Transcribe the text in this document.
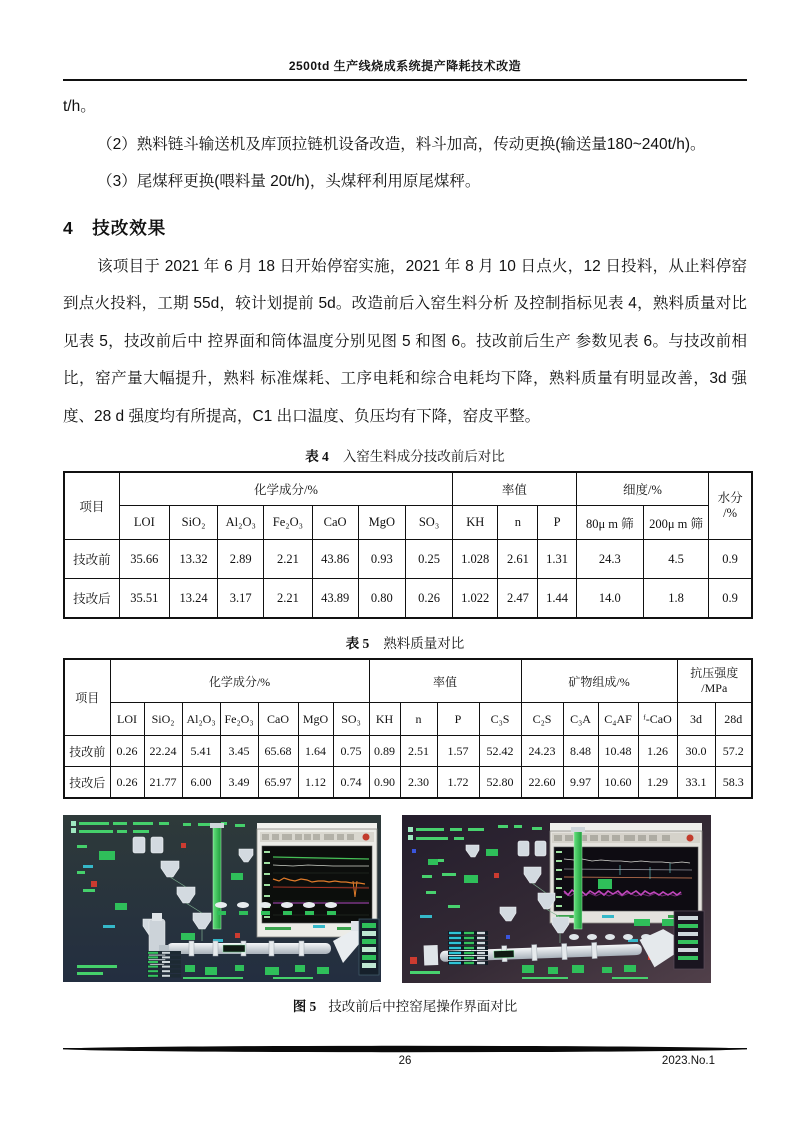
2500td 生产线烧成系统提产降耗技术改造

t/h。

（2）熟料链斗输送机及库顶拉链机设备改造，料斗加高，传动更换(输送量180~240t/h)。

（3）尾煤秤更换(喂料量 20t/h)，头煤秤利用原尾煤秤。

4　技改效果

该项目于 2021 年 6 月 18 日开始停窑实施，2021 年 8 月 10 日点火，12 日投料，从止料停窑到点火投料，工期 55d，较计划提前 5d。改造前后入窑生料分析 及控制指标见表 4，熟料质量对比见表 5，技改前后中 控界面和筒体温度分别见图 5 和图 6。技改前后生产 参数见表 6。与技改前相比，窑产量大幅提升，熟料 标准煤耗、工序电耗和综合电耗均下降，熟料质量有明显改善，3d 强度、28 d 强度均有所提高，C1 出口温度、负压均有下降，窑皮平整。

表 4 入窑生料成分技改前后对比
项目	化学成分/%							率值			细度/%		水分
/%
	LOI	SiO₂	Al₂O₃	Fe₂O₃	CaO	MgO	SO₃	KH	n	P	80μ m 筛	200μ m 筛	
技改前	35.66	13.32	2.89	2.21	43.86	0.93	0.25	1.028	2.61	1.31	24.3	4.5	0.9
技改后	35.51	13.24	3.17	2.21	43.89	0.80	0.26	1.022	2.47	1.44	14.0	1.8	0.9
表 5 熟料质量对比
项目	化学成分/%							率值				矿物组成/%				抗压强度
/MPa	
	LOI	SiO₂	Al₂O₃	Fe₂O₃	CaO	MgO	SO₃	KH	n	P	C₃S	C₂S	C₃A	C₄AF	ᶠ-CaO	3d	28d
技改前	0.26	22.24	5.41	3.45	65.68	1.64	0.75	0.89	2.51	1.57	52.42	24.23	8.48	10.48	1.26	30.0	57.2
技改后	0.26	21.77	6.00	3.49	65.97	1.12	0.74	0.90	2.30	1.72	52.80	22.60	9.97	10.60	1.29	33.1	58.3
图 5 技改前后中控窑尾操作界面对比
26	2023.No.1
